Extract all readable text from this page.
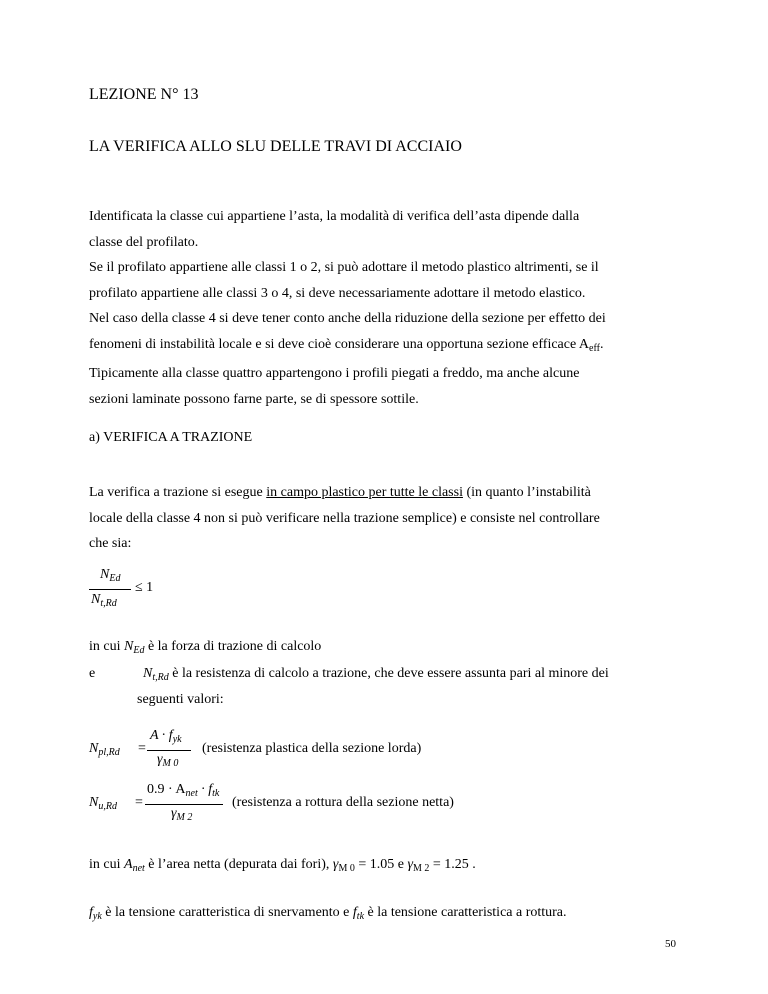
LEZIONE N° 13
LA VERIFICA ALLO SLU DELLE TRAVI DI ACCIAIO
Identificata la classe cui appartiene l’asta, la modalità di verifica dell’asta dipende dalla
classe del profilato.
Se il profilato appartiene alle classi 1 o 2, si può adottare il metodo plastico altrimenti, se il
profilato appartiene alle classi 3 o 4, si deve necessariamente adottare il metodo elastico.
Nel caso della classe 4 si deve tener conto anche della riduzione della sezione per effetto dei
fenomeni di instabilità locale e si deve cioè considerare una opportuna sezione efficace $A_{eff}$.
Tipicamente alla classe quattro appartengono i profili piegati a freddo, ma anche alcune
sezioni laminate possono farne parte, se di spessore sottile.
a) VERIFICA A TRAZIONE
La verifica a trazione si esegue in campo plastico per tutte le classi (in quanto l’instabilità
locale della classe 4 non si può verificare nella trazione semplice) e consiste nel controllare
che sia:
$N_{Ed}$
$N_{t,Rd}$
≤ 1
in cui $N_{Ed}$ è la forza di trazione di calcolo
e	$N_{t,Rd}$ è la resistenza di calcolo a trazione, che deve essere assunta pari al minore dei
seguenti valori:
$N_{pl,Rd}$ =
$A \cdot f_{yk}$
$\gamma_{M 0}$
(resistenza plastica della sezione lorda)
$N_{u,Rd}$ =
$0.9 \cdot A_{net} \cdot f_{tk}$
$\gamma_{M 2}$
(resistenza a rottura della sezione netta)
in cui $A_{net}$ è l’area netta (depurata dai fori), $\gamma_{M 0} = 1.05$ e $\gamma_{M 2} = 1.25$ .
$f_{yk}$ è la tensione caratteristica di snervamento e $f_{tk}$ è la tensione caratteristica a rottura.
50
